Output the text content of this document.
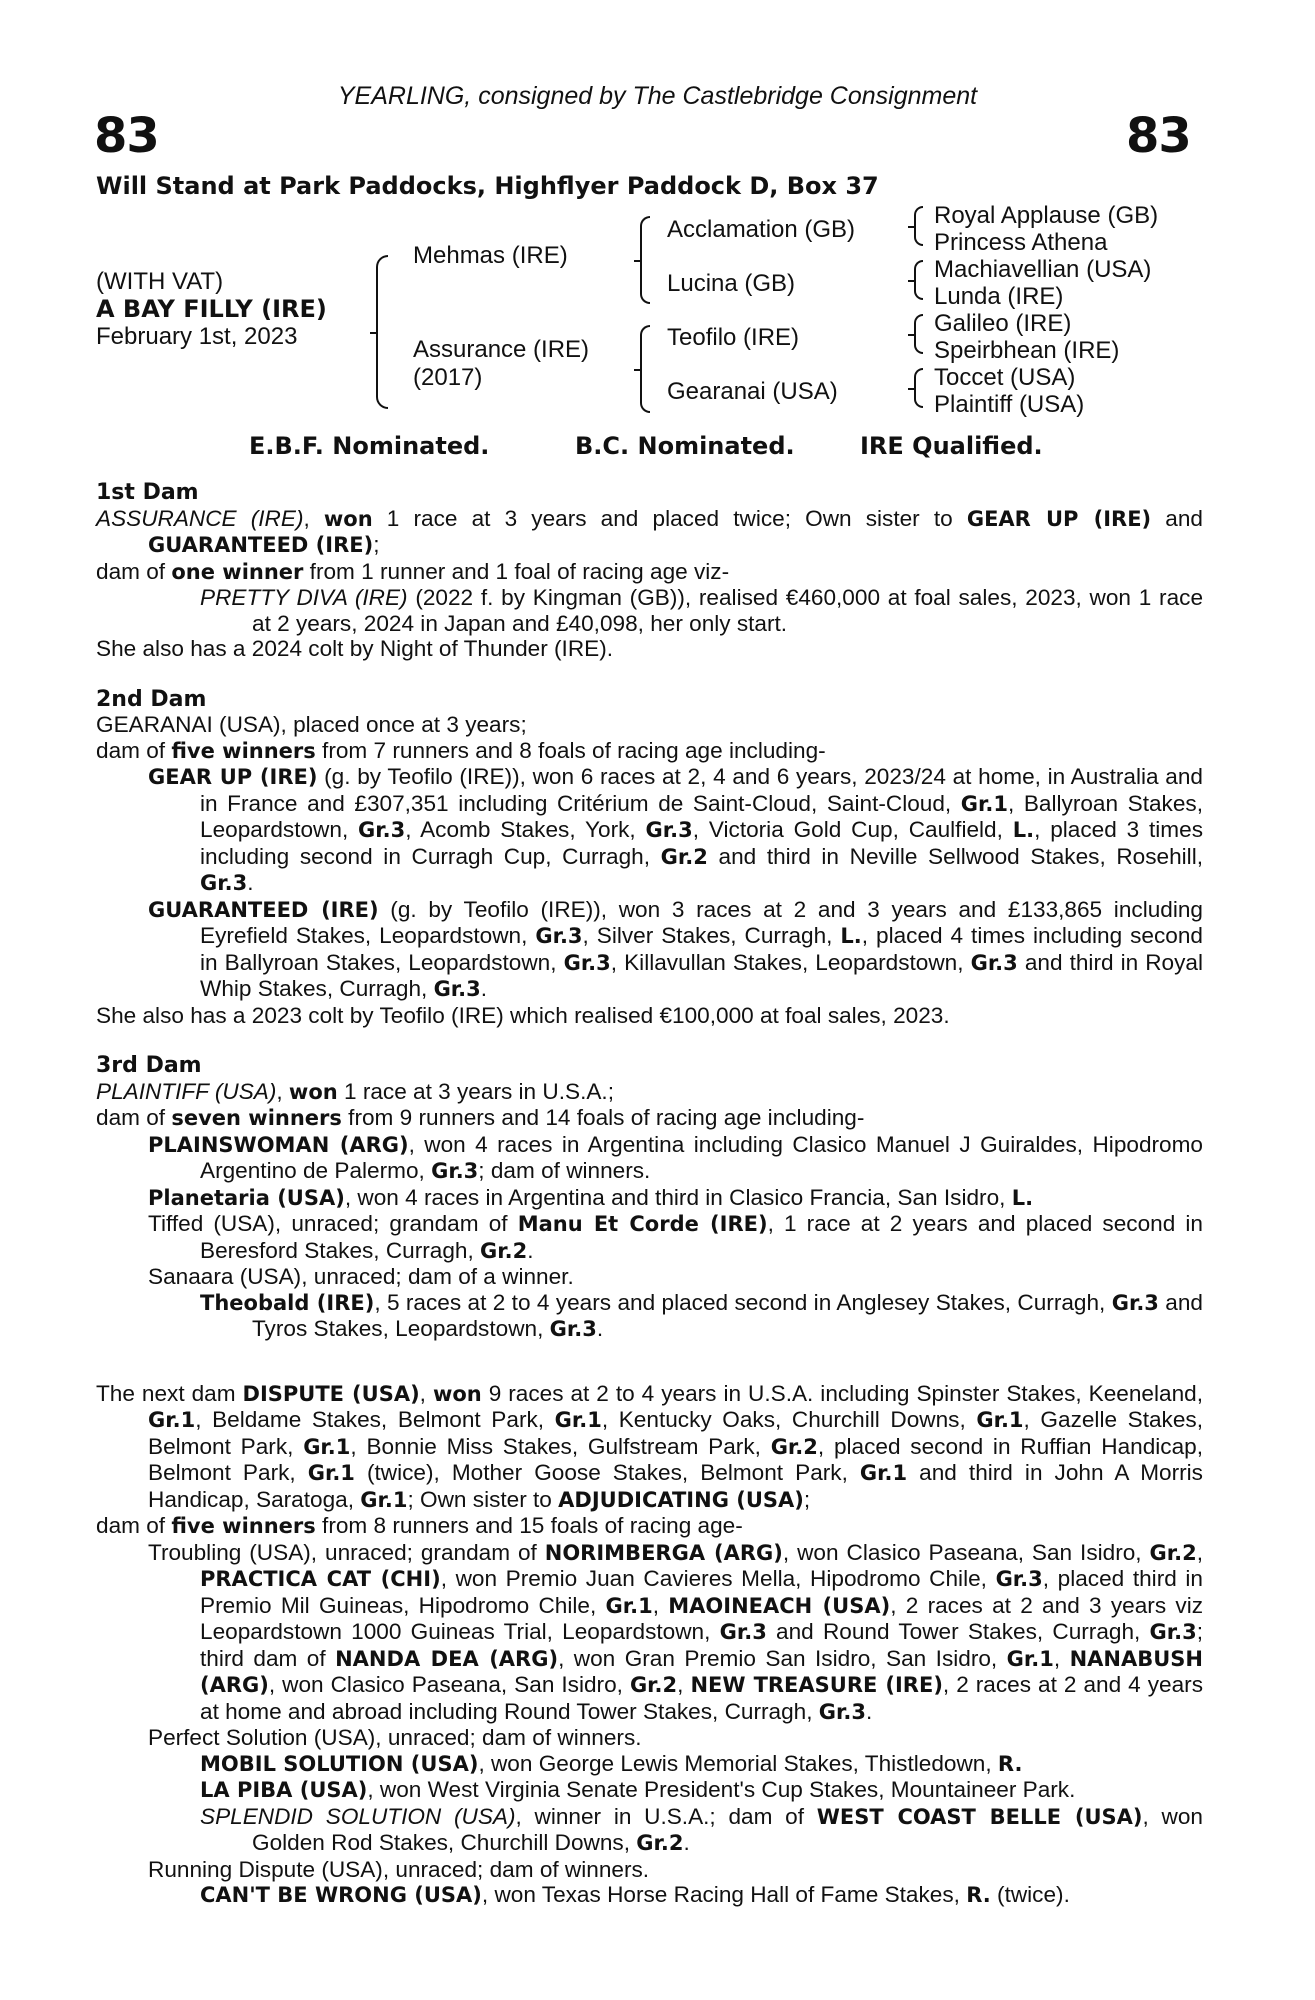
YEARLING, consigned by The Castlebridge Consignment
83	83
Will Stand at Park Paddocks, Highflyer Paddock D, Box 37
(WITH VAT)
A BAY FILLY (IRE)
February 1st, 2023
Mehmas (IRE)
Assurance (IRE)
(2017)
Acclamation (GB)
Lucina (GB)
Teofilo (IRE)
Gearanai (USA)
Royal Applause (GB)
Princess Athena
Machiavellian (USA)
Lunda (IRE)
Galileo (IRE)
Speirbhean (IRE)
Toccet (USA)
Plaintiff (USA)
E.B.F. Nominated.	B.C. Nominated.	IRE Qualified.

1st Dam

ASSURANCE (IRE), won 1 race at 3 years and placed twice; Own sister to GEAR UP (IRE) and GUARANTEED (IRE);

dam of one winner from 1 runner and 1 foal of racing age viz-

PRETTY DIVA (IRE) (2022 f. by Kingman (GB)), realised €460,000 at foal sales, 2023, won 1 race at 2 years, 2024 in Japan and £40,098, her only start.

She also has a 2024 colt by Night of Thunder (IRE).

2nd Dam

GEARANAI (USA), placed once at 3 years;

dam of five winners from 7 runners and 8 foals of racing age including-

GEAR UP (IRE) (g. by Teofilo (IRE)), won 6 races at 2, 4 and 6 years, 2023/24 at home, in Australia and in France and £307,351 including Critérium de Saint-Cloud, Saint-Cloud, Gr.1, Ballyroan Stakes, Leopardstown, Gr.3, Acomb Stakes, York, Gr.3, Victoria Gold Cup, Caulfield, L., placed 3 times including second in Curragh Cup, Curragh, Gr.2 and third in Neville Sellwood Stakes, Rosehill, Gr.3.

GUARANTEED (IRE) (g. by Teofilo (IRE)), won 3 races at 2 and 3 years and £133,865 including Eyrefield Stakes, Leopardstown, Gr.3, Silver Stakes, Curragh, L., placed 4 times including second in Ballyroan Stakes, Leopardstown, Gr.3, Killavullan Stakes, Leopardstown, Gr.3 and third in Royal Whip Stakes, Curragh, Gr.3.

She also has a 2023 colt by Teofilo (IRE) which realised €100,000 at foal sales, 2023.

3rd Dam

PLAINTIFF (USA), won 1 race at 3 years in U.S.A.;

dam of seven winners from 9 runners and 14 foals of racing age including-

PLAINSWOMAN (ARG), won 4 races in Argentina including Clasico Manuel J Guiraldes, Hipodromo Argentino de Palermo, Gr.3; dam of winners.

Planetaria (USA), won 4 races in Argentina and third in Clasico Francia, San Isidro, L.

Tiffed (USA), unraced; grandam of Manu Et Corde (IRE), 1 race at 2 years and placed second in Beresford Stakes, Curragh, Gr.2.

Sanaara (USA), unraced; dam of a winner.

Theobald (IRE), 5 races at 2 to 4 years and placed second in Anglesey Stakes, Curragh, Gr.3 and Tyros Stakes, Leopardstown, Gr.3.

The next dam DISPUTE (USA), won 9 races at 2 to 4 years in U.S.A. including Spinster Stakes, Keeneland, Gr.1, Beldame Stakes, Belmont Park, Gr.1, Kentucky Oaks, Churchill Downs, Gr.1, Gazelle Stakes, Belmont Park, Gr.1, Bonnie Miss Stakes, Gulfstream Park, Gr.2, placed second in Ruffian Handicap, Belmont Park, Gr.1 (twice), Mother Goose Stakes, Belmont Park, Gr.1 and third in John A Morris Handicap, Saratoga, Gr.1; Own sister to ADJUDICATING (USA);

dam of five winners from 8 runners and 15 foals of racing age-

Troubling (USA), unraced; grandam of NORIMBERGA (ARG), won Clasico Paseana, San Isidro, Gr.2, PRACTICA CAT (CHI), won Premio Juan Cavieres Mella, Hipodromo Chile, Gr.3, placed third in Premio Mil Guineas, Hipodromo Chile, Gr.1, MAOINEACH (USA), 2 races at 2 and 3 years viz Leopardstown 1000 Guineas Trial, Leopardstown, Gr.3 and Round Tower Stakes, Curragh, Gr.3; third dam of NANDA DEA (ARG), won Gran Premio San Isidro, San Isidro, Gr.1, NANABUSH (ARG), won Clasico Paseana, San Isidro, Gr.2, NEW TREASURE (IRE), 2 races at 2 and 4 years at home and abroad including Round Tower Stakes, Curragh, Gr.3.

Perfect Solution (USA), unraced; dam of winners.

MOBIL SOLUTION (USA), won George Lewis Memorial Stakes, Thistledown, R.

LA PIBA (USA), won West Virginia Senate President's Cup Stakes, Mountaineer Park.

SPLENDID SOLUTION (USA), winner in U.S.A.; dam of WEST COAST BELLE (USA), won Golden Rod Stakes, Churchill Downs, Gr.2.

Running Dispute (USA), unraced; dam of winners.

CAN'T BE WRONG (USA), won Texas Horse Racing Hall of Fame Stakes, R. (twice).
